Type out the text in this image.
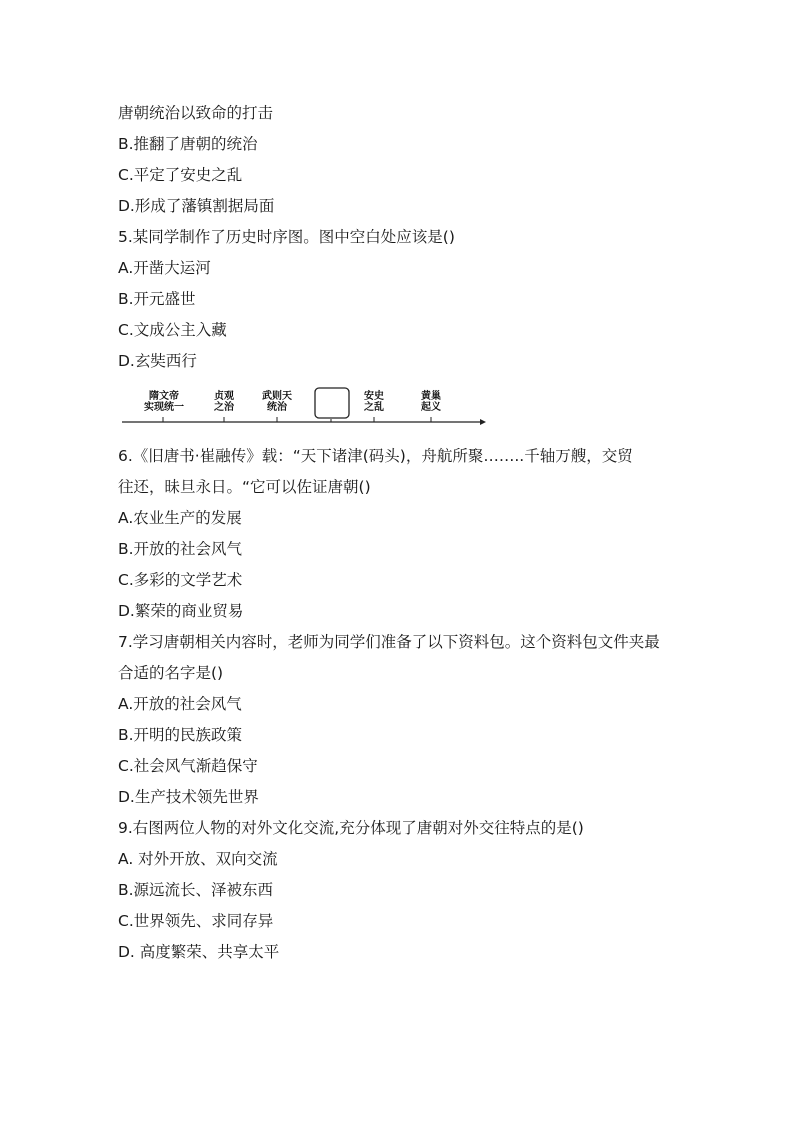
唐朝统治以致命的打击
B.推翻了唐朝的统治
C.平定了安史之乱
D.形成了藩镇割据局面
5.某同学制作了历史时序图。图中空白处应该是()
A.开凿大运河
B.开元盛世
C.文成公主入藏
D.玄奘西行
隋文帝
实现统一
贞观
之治
武则天
统治
安史
之乱
黄巢
起义
6.《旧唐书·崔融传》载：“天下诸津(码头)，舟航所聚……..千轴万艘，交贸
往还，昧旦永日。“它可以佐证唐朝()
A.农业生产的发展
B.开放的社会风气
C.多彩的文学艺术
D.繁荣的商业贸易
7.学习唐朝相关内容时，老师为同学们准备了以下资料包。这个资料包文件夹最
合适的名字是()
A.开放的社会风气
B.开明的民族政策
C.社会风气渐趋保守
D.生产技术领先世界
9.右图两位人物的对外文化交流,充分体现了唐朝对外交往特点的是()
A. 对外开放、双向交流
B.源远流长、泽被东西
C.世界领先、求同存异
D. 高度繁荣、共享太平
